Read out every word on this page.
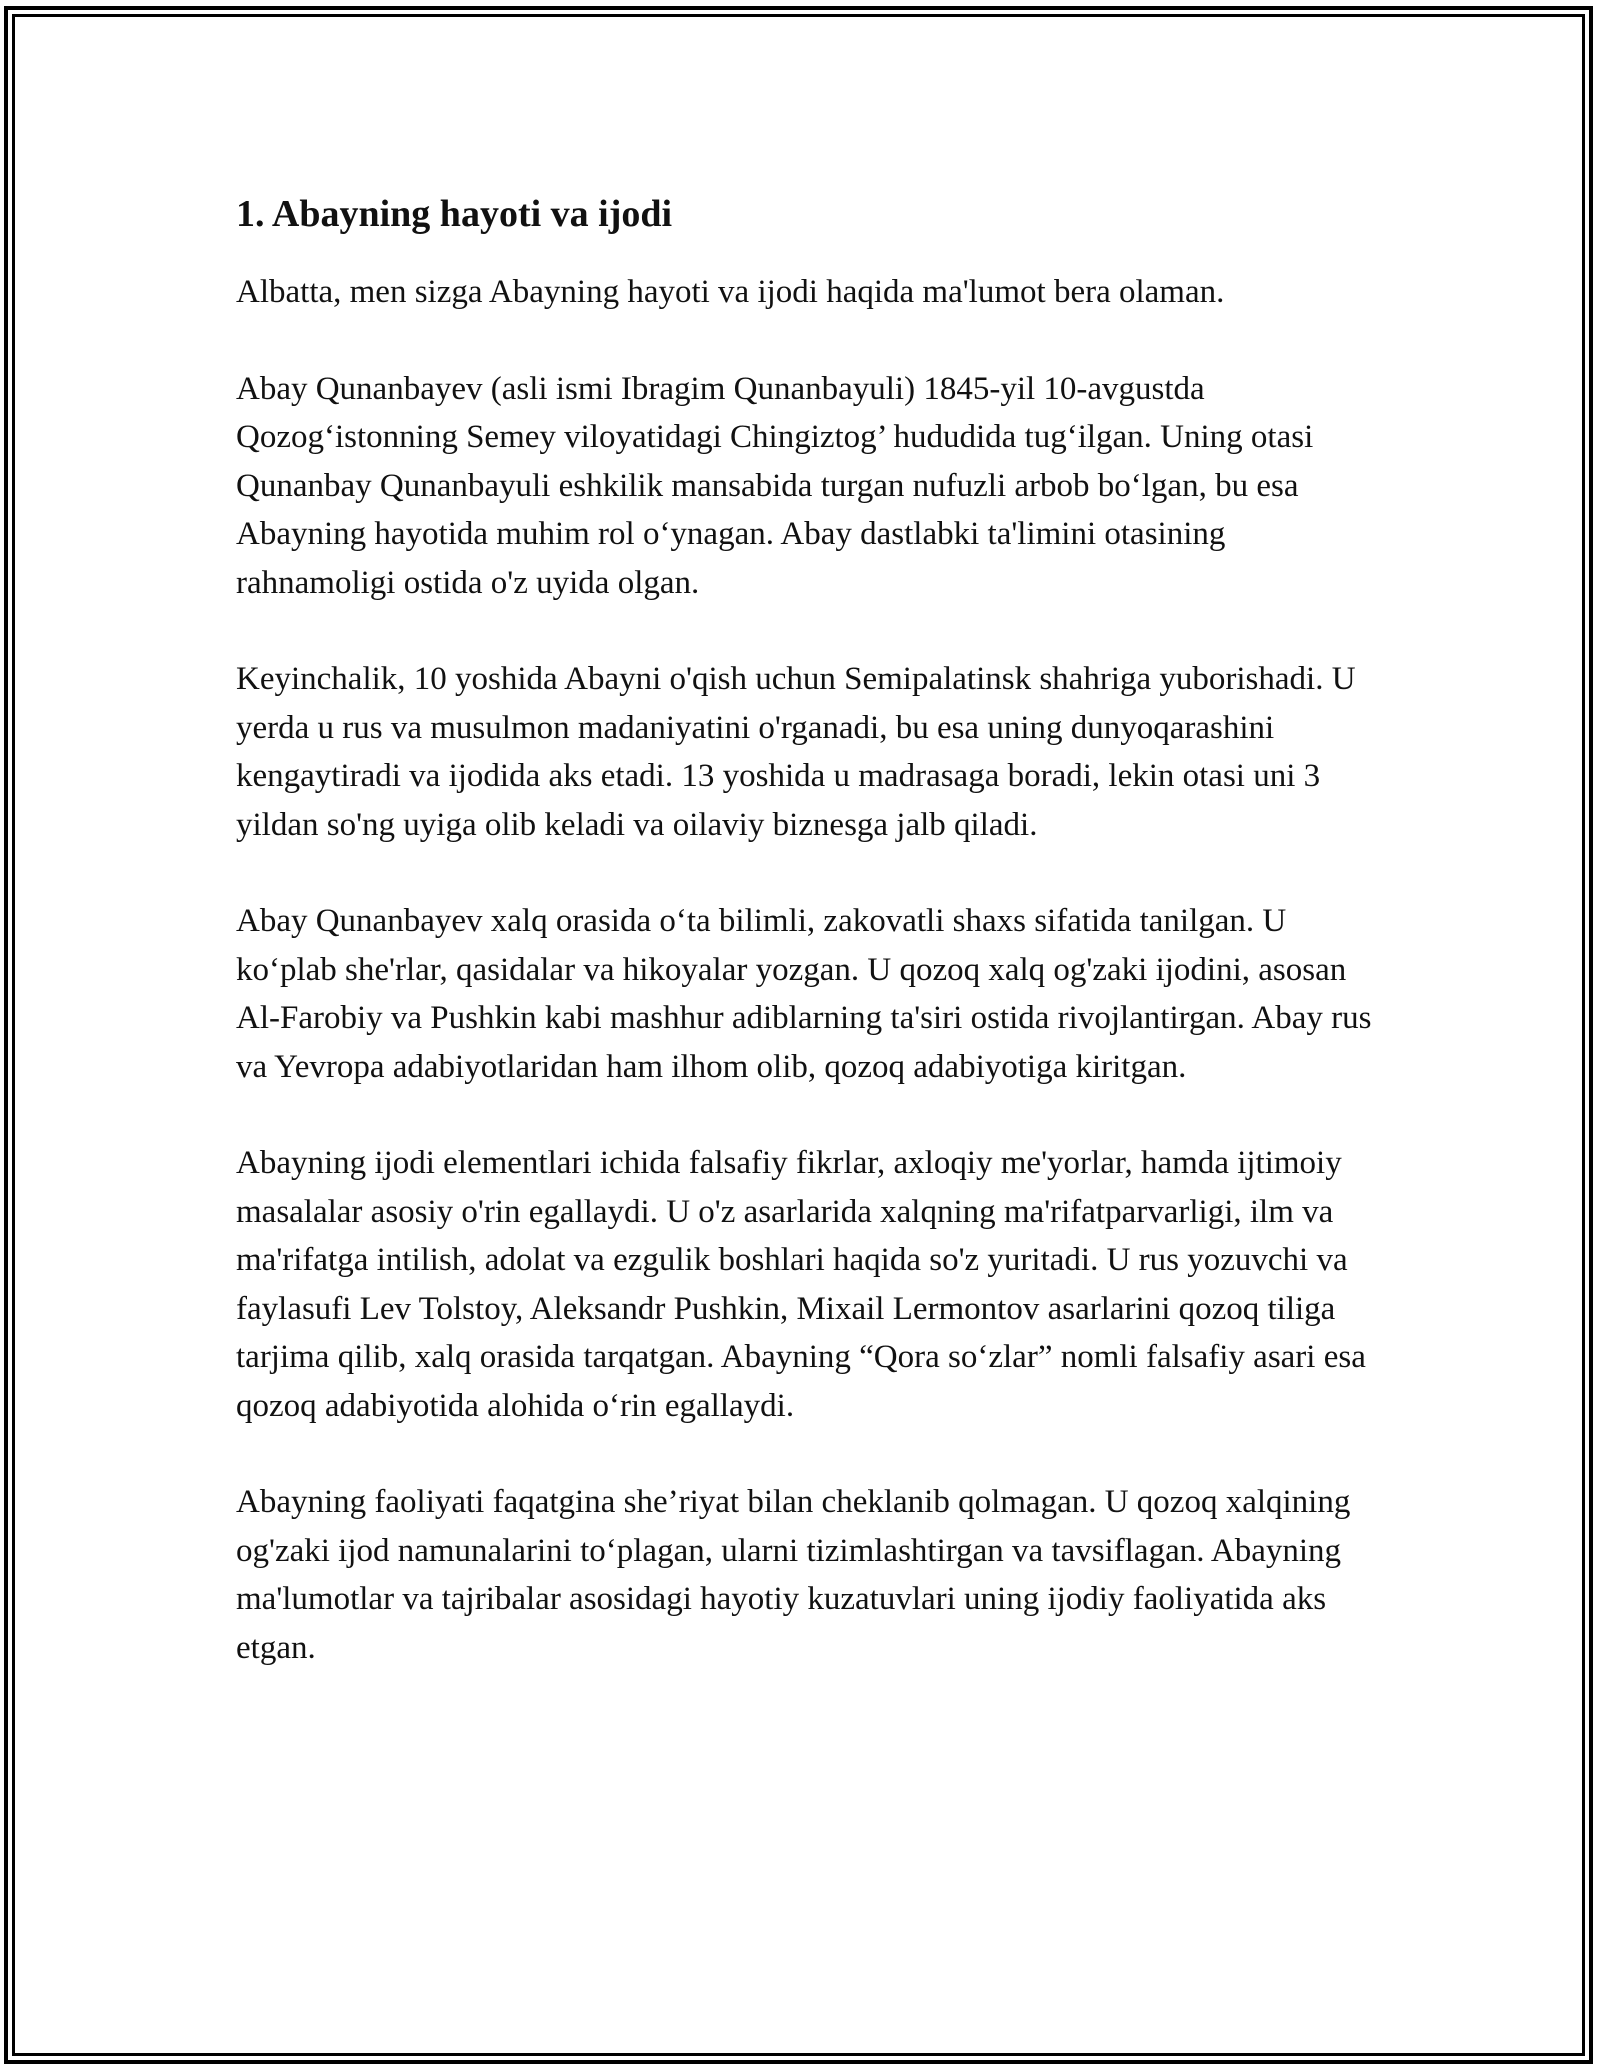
1. Abayning hayoti va ijodi

Albatta, men sizga Abayning hayoti va ijodi haqida ma'lumot bera olaman.

Abay Qunanbayev (asli ismi Ibragim Qunanbayuli) 1845-yil 10-avgustda Qozog‘istonning Semey viloyatidagi Chingiztog’ hududida tug‘ilgan. Uning otasi Qunanbay Qunanbayuli eshkilik mansabida turgan nufuzli arbob bo‘lgan, bu esa Abayning hayotida muhim rol o‘ynagan. Abay dastlabki ta'limini otasining rahnamoligi ostida o'z uyida olgan.

Keyinchalik, 10 yoshida Abayni o'qish uchun Semipalatinsk shahriga yuborishadi. U yerda u rus va musulmon madaniyatini o'rganadi, bu esa uning dunyoqarashini kengaytiradi va ijodida aks etadi. 13 yoshida u madrasaga boradi, lekin otasi uni 3 yildan so'ng uyiga olib keladi va oilaviy biznesga jalb qiladi.

Abay Qunanbayev xalq orasida o‘ta bilimli, zakovatli shaxs sifatida tanilgan. U ko‘plab she'rlar, qasidalar va hikoyalar yozgan. U qozoq xalq og'zaki ijodini, asosan Al-Farobiy va Pushkin kabi mashhur adiblarning ta'siri ostida rivojlantirgan. Abay rus va Yevropa adabiyotlaridan ham ilhom olib, qozoq adabiyotiga kiritgan.

Abayning ijodi elementlari ichida falsafiy fikrlar, axloqiy me'yorlar, hamda ijtimoiy masalalar asosiy o'rin egallaydi. U o'z asarlarida xalqning ma'rifatparvarligi, ilm va ma'rifatga intilish, adolat va ezgulik boshlari haqida so'z yuritadi. U rus yozuvchi va faylasufi Lev Tolstoy, Aleksandr Pushkin, Mixail Lermontov asarlarini qozoq tiliga tarjima qilib, xalq orasida tarqatgan. Abayning “Qora so‘zlar” nomli falsafiy asari esa qozoq adabiyotida alohida o‘rin egallaydi.

Abayning faoliyati faqatgina she’riyat bilan cheklanib qolmagan. U qozoq xalqining og'zaki ijod namunalarini to‘plagan, ularni tizimlashtirgan va tavsiflagan. Abayning ma'lumotlar va tajribalar asosidagi hayotiy kuzatuvlari uning ijodiy faoliyatida aks etgan.
